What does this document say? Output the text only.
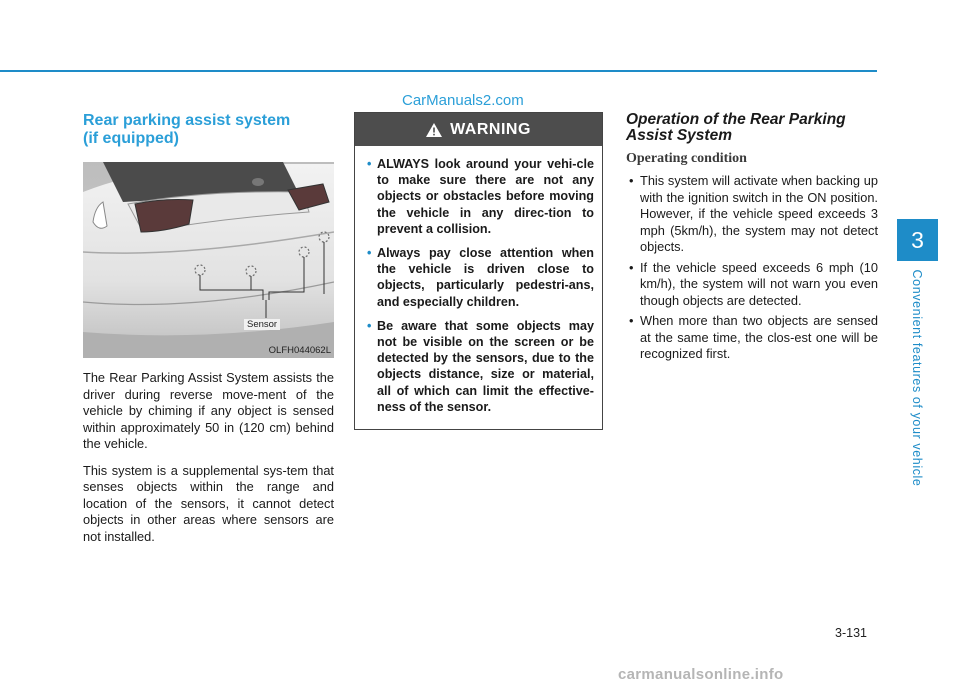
3
Convenient features of your vehicle
CarManuals2.com
Rear parking assist system
(if equipped)
Sensor
OLFH044062L

The Rear Parking Assist System assists the driver during reverse move-ment of the vehicle by chiming if any object is sensed within approximately 50 in (120 cm) behind the vehicle.

This system is a supplemental sys-tem that senses objects within the range and location of the sensors, it cannot detect objects in other areas where sensors are not installed.

WARNING
• ALWAYS look around your vehi-cle to make sure there are not any objects or obstacles before moving the vehicle in any direc-tion to prevent a collision.
• Always pay close attention when the vehicle is driven close to objects, particularly pedestri-ans, and especially children.
• Be aware that some objects may not be visible on the screen or be detected by the sensors, due to the objects distance, size or material, all of which can limit the effective-ness of the sensor.
Operation of the Rear Parking
Assist System
Operating condition
• This system will activate when backing up with the ignition switch in the ON position. However, if the vehicle speed exceeds 3 mph (5km/h), the system may not detect objects.
• If the vehicle speed exceeds 6 mph (10 km/h), the system will not warn you even though objects are detected.
• When more than two objects are sensed at the same time, the clos-est one will be recognized first.
3-131
carmanualsonline.info
